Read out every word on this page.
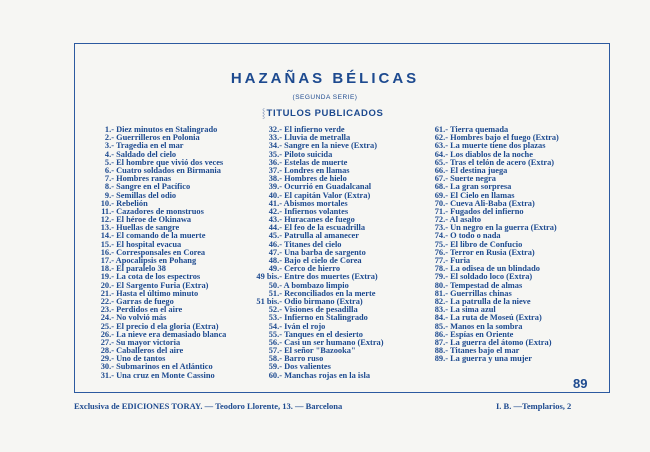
HAZAÑAS BÉLICAS
(SEGUNDA SERIE)
⸾ TITULOS PUBLICADOS
1.- Diez minutos en Stalingrado
2.- Guerrilleros en Polonia
3.- Tragedia en el mar
4.- Saldado del cielo
5.- El hombre que vivió dos veces
6.- Cuatro soldados en Birmania
7.- Hombres ranas
8.- Sangre en el Pacífico
9.- Semillas del odio
10.- Rebelión
11.- Cazadores de monstruos
12.- El héroe de Okinawa
13.- Huellas de sangre
14.- El comando de la muerte
15.- El hospital evacua
16.- Corresponsales en Corea
17.- Apocalipsis en Pohang
18.- El paralelo 38
19.- La cota de los espectros
20.- El Sargento Furia (Extra)
21.- Hasta el último minuto
22.- Garras de fuego
23.- Perdidos en el aire
24.- No volvió más
25.- El precio d ela gloria (Extra)
26.- La nieve era demasiado blanca
27.- Su mayor victoria
28.- Caballeros del aire
29.- Uno de tantos
30.- Submarinos en el Atlántico
31.- Una cruz en Monte Cassino
32.- El infierno verde
33.- Lluvia de metralla
34.- Sangre en la nieve (Extra)
35.- Piloto suicida
36.- Estelas de muerte
37.- Londres en llamas
38.- Hombres de hielo
39.- Ocurrió en Guadalcanal
40.- El capitán Valor (Extra)
41.- Abismos mortales
42.- Infiernos volantes
43.- Huracanes de fuego
44.- El feo de la escuadrilla
45.- Patrulla al amanecer
46.- Titanes del cielo
47.- Una barba de sargento
48.- Bajo el cielo de Corea
49.- Cerco de hierro
49 bis.- Entre dos muertes (Extra)
50.- A bombazo limpio
51.- Reconciliados en la merte
51 bis.- Odio birmano (Extra)
52.- Visiones de pesadilla
53.- Infierno en Stalingrado
54.- Iván el rojo
55.- Tanques en el desierto
56.- Casi un ser humano (Extra)
57.- El señor "Bazooka"
58.- Barro ruso
59.- Dos valientes
60.- Manchas rojas en la isla
61.- Tierra quemada
62.- Hombres bajo el fuego (Extra)
63.- La muerte tiene dos plazas
64.- Los diablos de la noche
65.- Tras el telón de acero (Extra)
66.- El destina juega
67.- Suerte negra
68.- La gran sorpresa
69.- El Cielo en llamas
70.- Cueva Ali-Baba (Extra)
71.- Fugados del infierno
72.- Al asalto
73.- Un negro en la guerra (Extra)
74.- O todo o nada
75.- El libro de Confucio
76.- Terror en Rusia (Extra)
77.- Furia
78.- La odisea de un blindado
79.- El soldado loco (Extra)
80.- Tempestad de almas
81.- Guerrillas chinas
82.- La patrulla de la nieve
83.- La sima azul
84.- La ruta de Moseú (Extra)
85.- Manos en la sombra
86.- Espías en Oriente
87.- La guerra del átomo (Extra)
88.- Titanes bajo el mar
89.- La guerra y una mujer
89
Exclusiva de EDICIONES TORAY. — Teodoro Llorente, 13. — Barcelona	I. B. —Templarios, 2
